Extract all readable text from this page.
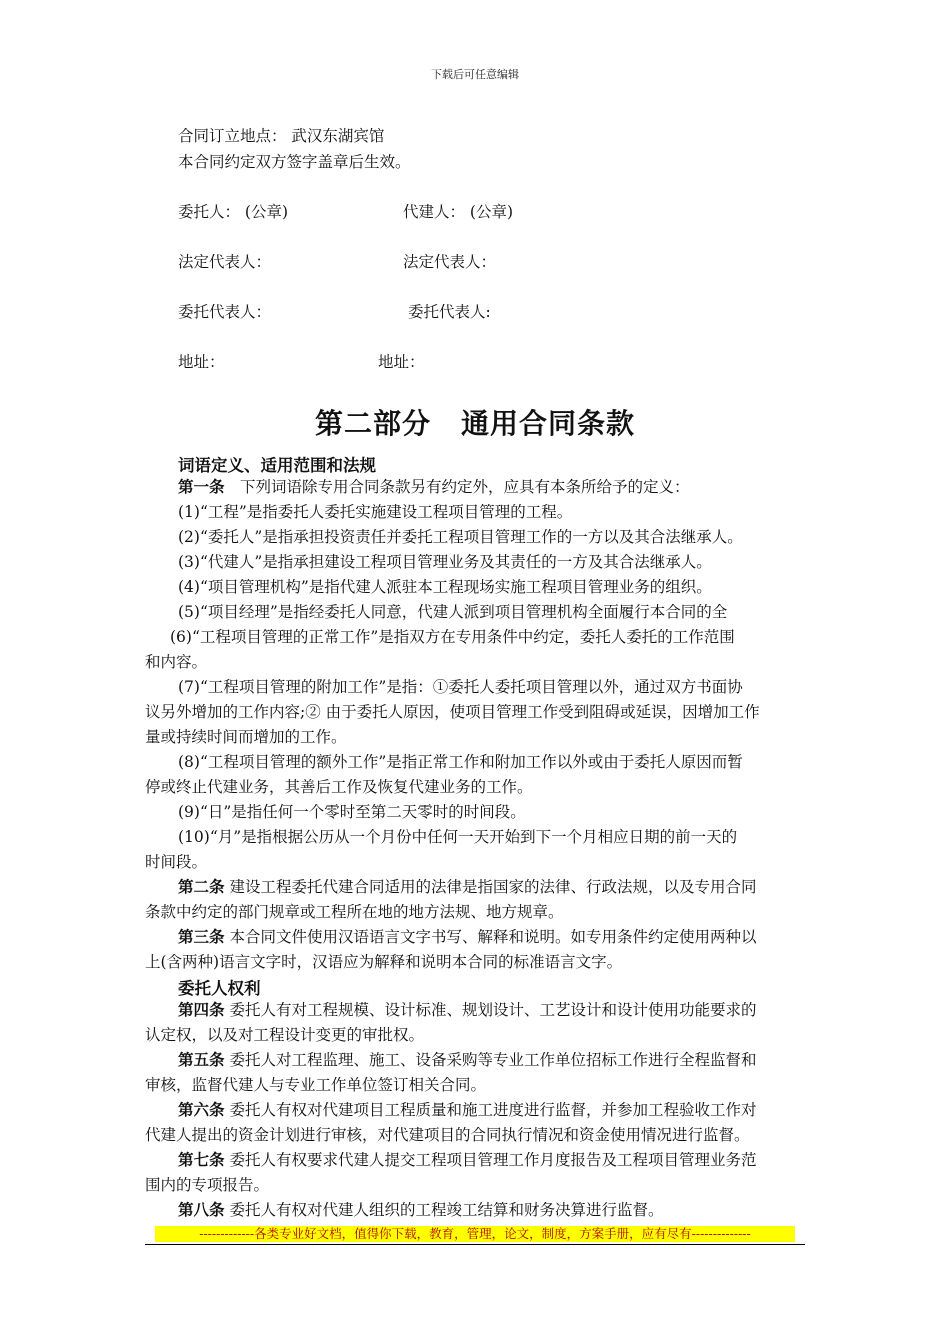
下载后可任意编辑
合同订立地点： 武汉东湖宾馆
本合同约定双方签字盖章后生效。
委托人： (公章)	代建人： (公章)
法定代表人：	法定代表人：
委托代表人：	委托代表人:
地址：	地址：
第二部分 通用合同条款
词语定义、适用范围和法规
第一条　下列词语除专用合同条款另有约定外，应具有本条所给予的定义：
(1)“工程”是指委托人委托实施建设工程项目管理的工程。
(2)“委托人”是指承担投资责任并委托工程项目管理工作的一方以及其合法继承人。
(3)“代建人”是指承担建设工程项目管理业务及其责任的一方及其合法继承人。
(4)“项目管理机构”是指代建人派驻本工程现场实施工程项目管理业务的组织。
(5)“项目经理”是指经委托人同意，代建人派到项目管理机构全面履行本合同的全
(6)“工程项目管理的正常工作”是指双方在专用条件中约定，委托人委托的工作范围
和内容。
(7)“工程项目管理的附加工作”是指：①委托人委托项目管理以外，通过双方书面协
议另外增加的工作内容;② 由于委托人原因，使项目管理工作受到阻碍或延误，因增加工作
量或持续时间而增加的工作。
(8)“工程项目管理的额外工作”是指正常工作和附加工作以外或由于委托人原因而暂
停或终止代建业务，其善后工作及恢复代建业务的工作。
(9)“日”是指任何一个零时至第二天零时的时间段。
(10)“月”是指根据公历从一个月份中任何一天开始到下一个月相应日期的前一天的
时间段。
第二条 建设工程委托代建合同适用的法律是指国家的法律、行政法规，以及专用合同
条款中约定的部门规章或工程所在地的地方法规、地方规章。
第三条 本合同文件使用汉语语言文字书写、解释和说明。如专用条件约定使用两种以
上(含两种)语言文字时，汉语应为解释和说明本合同的标准语言文字。
委托人权利
第四条 委托人有对工程规模、设计标准、规划设计、工艺设计和设计使用功能要求的
认定权，以及对工程设计变更的审批权。
第五条 委托人对工程监理、施工、设备采购等专业工作单位招标工作进行全程监督和
审核，监督代建人与专业工作单位签订相关合同。
第六条 委托人有权对代建项目工程质量和施工进度进行监督，并参加工程验收工作对
代建人提出的资金计划进行审核，对代建项目的合同执行情况和资金使用情况进行监督。
第七条 委托人有权要求代建人提交工程项目管理工作月度报告及工程项目管理业务范
围内的专项报告。
第八条 委托人有权对代建人组织的工程竣工结算和财务决算进行监督。
-------------各类专业好文档，值得你下载，教育，管理，论文，制度，方案手册，应有尽有--------------
